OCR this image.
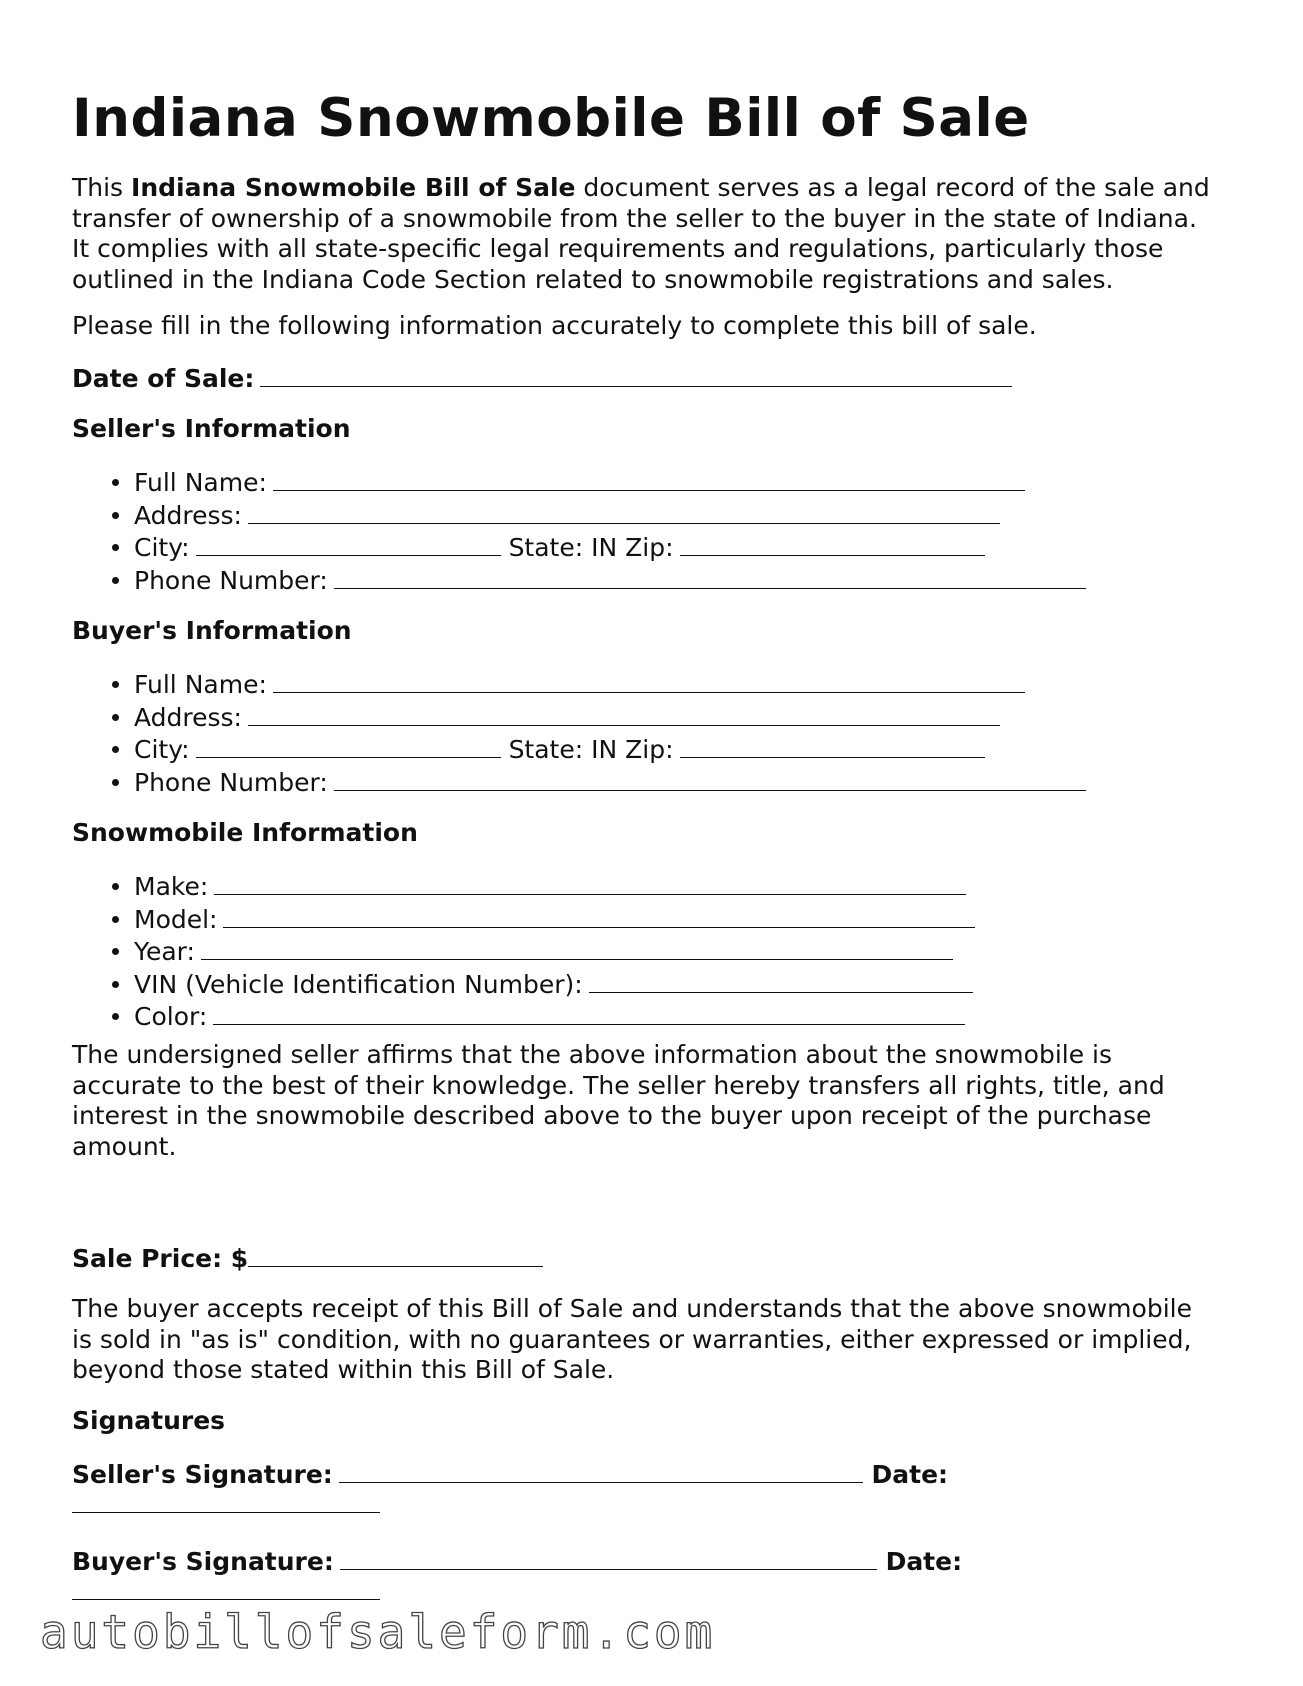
Indiana Snowmobile Bill of Sale
This Indiana Snowmobile Bill of Sale document serves as a legal record of the sale and
transfer of ownership of a snowmobile from the seller to the buyer in the state of Indiana.
It complies with all state-specific legal requirements and regulations, particularly those
outlined in the Indiana Code Section related to snowmobile registrations and sales.
Please fill in the following information accurately to complete this bill of sale.
Date of Sale:
Seller's Information
Full Name:
Address:
City:	State: IN Zip:
Phone Number:
Buyer's Information
Full Name:
Address:
City:	State: IN Zip:
Phone Number:
Snowmobile Information
Make:
Model:
Year:
VIN (Vehicle Identification Number):
Color:
The undersigned seller affirms that the above information about the snowmobile is
accurate to the best of their knowledge. The seller hereby transfers all rights, title, and
interest in the snowmobile described above to the buyer upon receipt of the purchase
amount.
Sale Price: $
The buyer accepts receipt of this Bill of Sale and understands that the above snowmobile
is sold in "as is" condition, with no guarantees or warranties, either expressed or implied,
beyond those stated within this Bill of Sale.
Signatures
Seller's Signature:	Date:
Buyer's Signature:	Date:
autobillofsaleform.com
